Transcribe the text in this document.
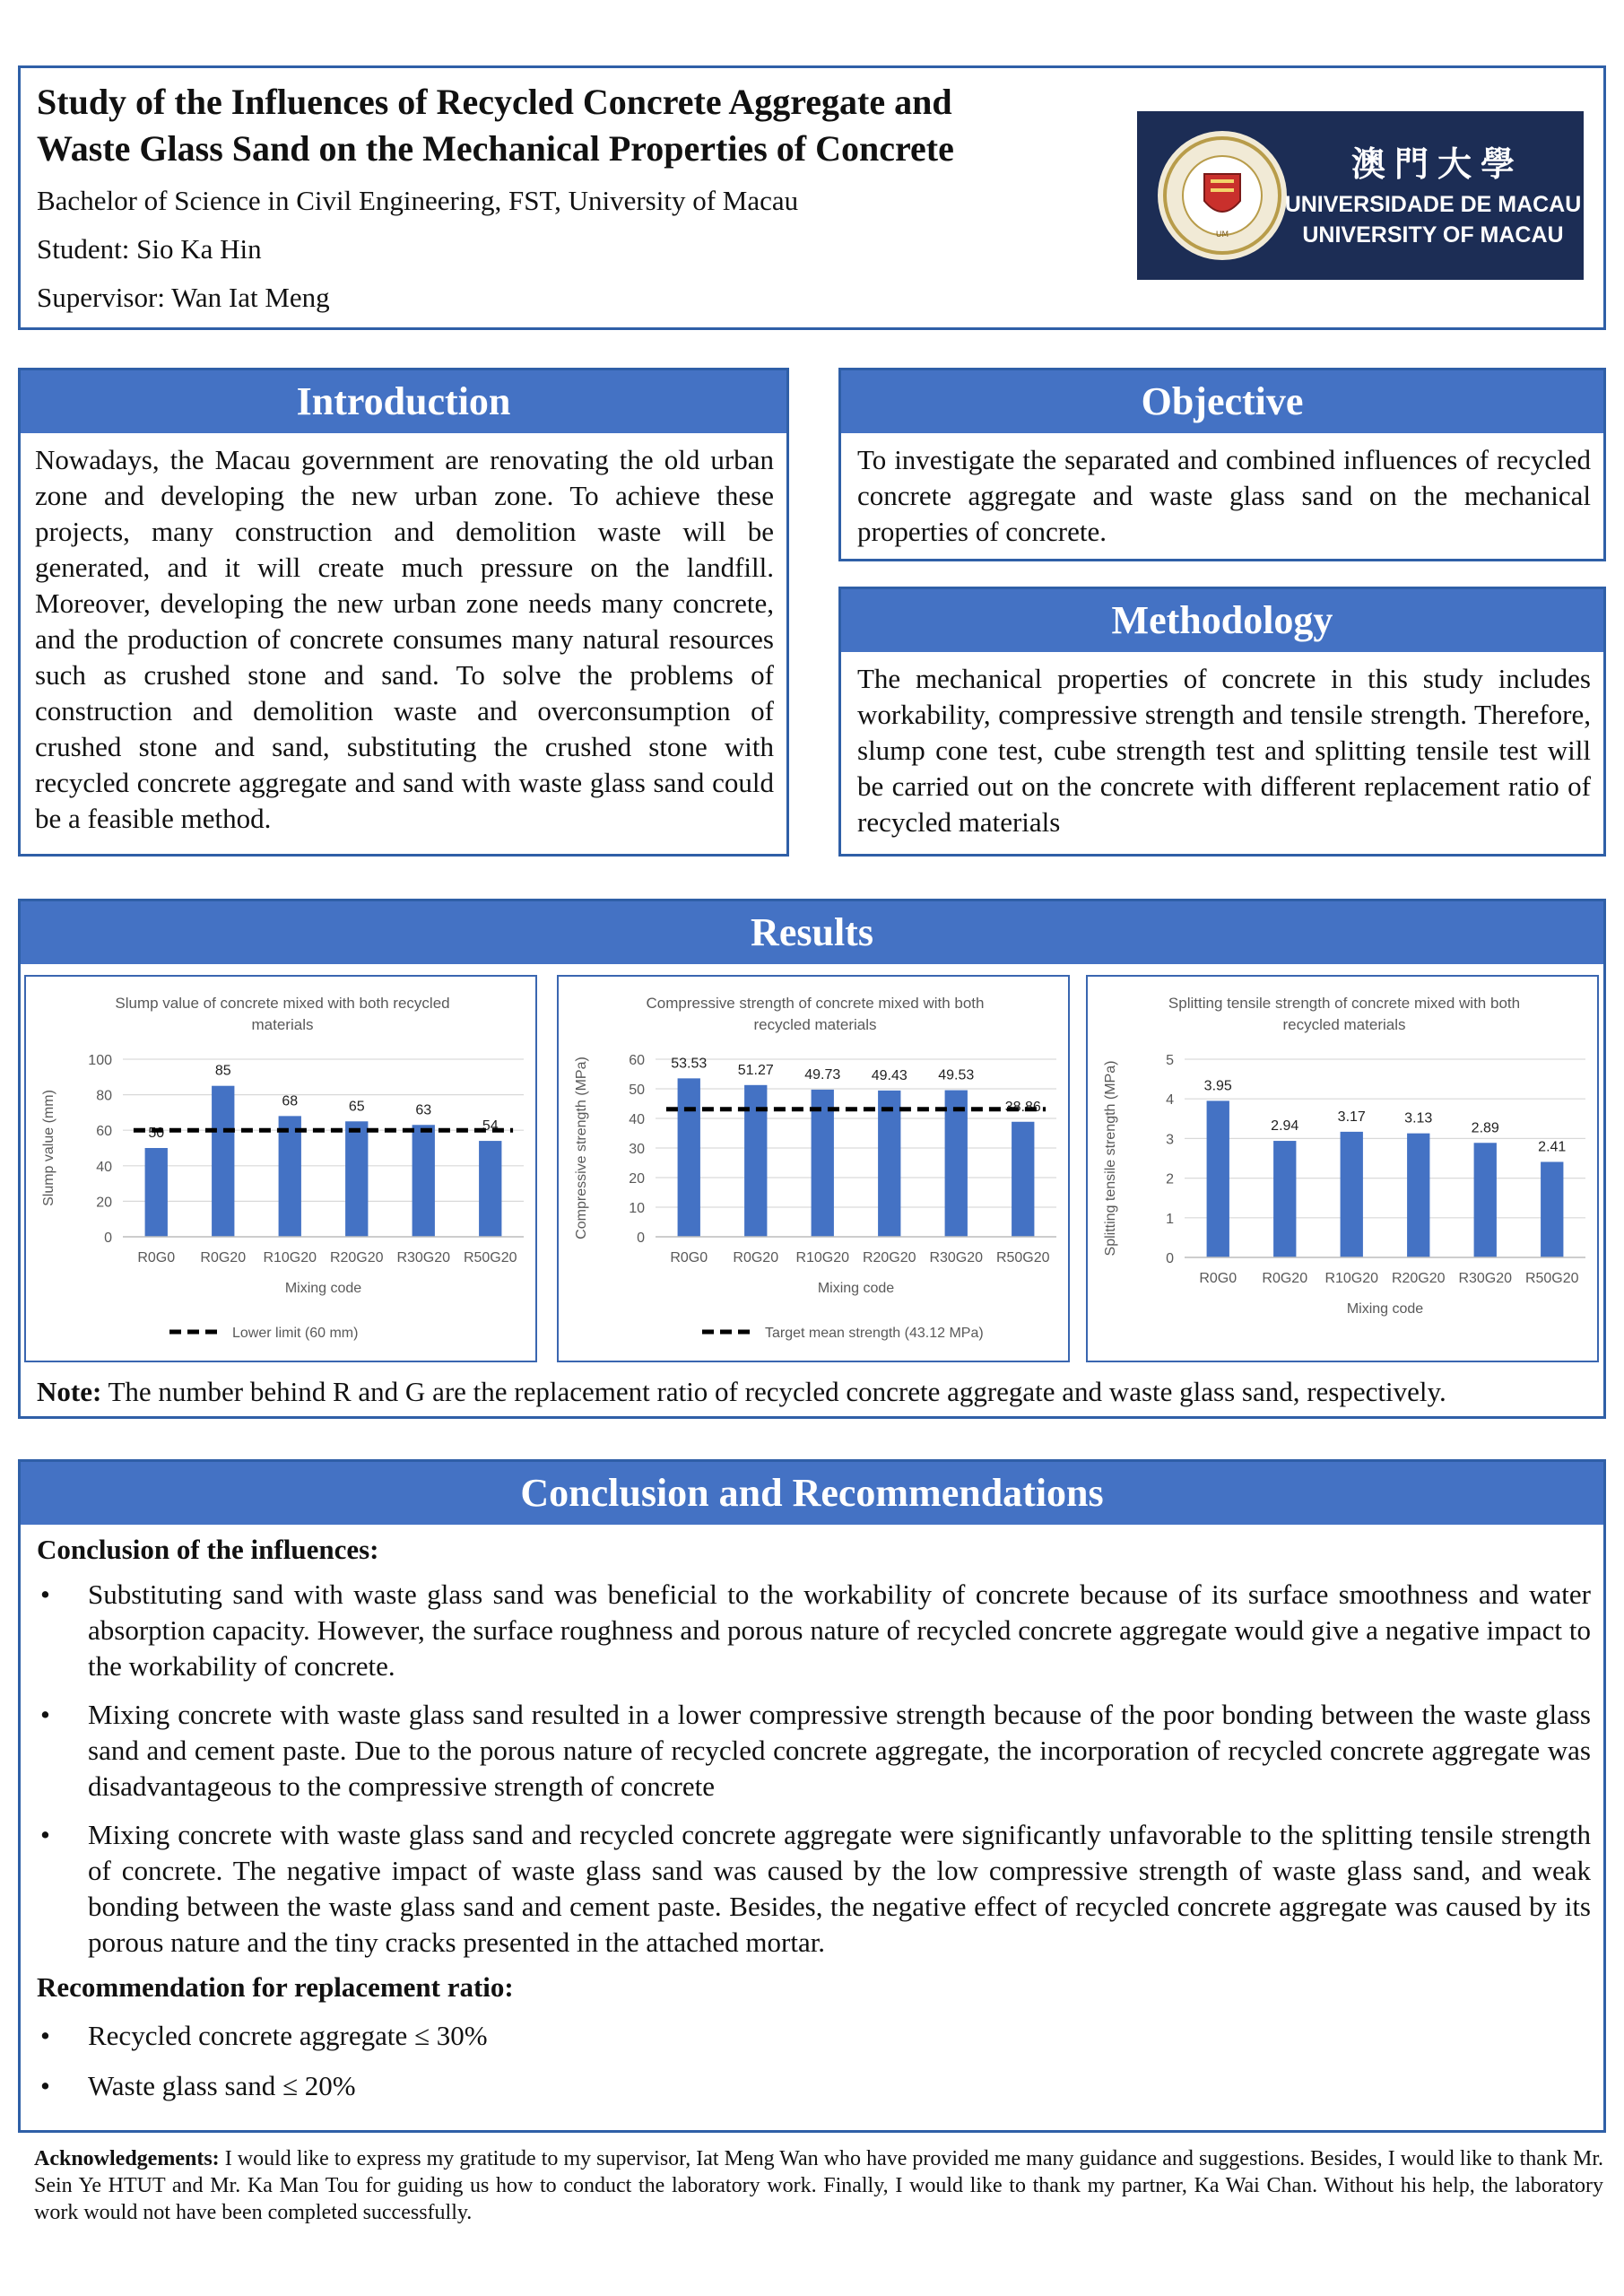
Study of the Influences of Recycled Concrete Aggregate and
Waste Glass Sand on the Mechanical Properties of Concrete
Bachelor of Science in Civil Engineering, FST, University of Macau
Student: Sio Ka Hin
Supervisor: Wan Iat Meng
UM
澳門大學
UNIVERSIDADE DE MACAU
UNIVERSITY OF MACAU
Introduction

Nowadays, the Macau government are renovating the old urban zone and developing the new urban zone. To achieve these projects, many construction and demolition waste will be generated, and it will create much pressure on the landfill. Moreover, developing the new urban zone needs many concrete, and the production of concrete consumes many natural resources such as crushed stone and sand. To solve the problems of construction and demolition waste and overconsumption of crushed stone and sand, substituting the crushed stone with recycled concrete aggregate and sand with waste glass sand could be a feasible method.

Objective

To investigate the separated and combined influences of recycled concrete aggregate and waste glass sand on the mechanical properties of concrete.

Methodology

The mechanical properties of concrete in this study includes workability, compressive strength and tensile strength. Therefore, slump cone test, cube strength test and splitting tensile test will be carried out on the concrete with different replacement ratio of recycled materials

Results
Note: The number behind R and G are the replacement ratio of recycled concrete aggregate and waste glass sand, respectively.
Slump value of concrete mixed with both recycled
materials
0
20
40
60
80
100
Slump value (mm)	50
R0G0
85
R0G20
68
R10G20
65
R20G20
63
R30G20
54
R50G20
Mixing code
Lower limit (60 mm)
Compressive strength of concrete mixed with both
recycled materials
0
10
20
30
40
50
60
Compressive strength (MPa)	53.53
R0G0
51.27
R0G20
49.73
R10G20
49.43
R20G20
49.53
R30G20
38.86
R50G20
Mixing code
Target mean strength (43.12 MPa)
Splitting tensile strength of concrete mixed with both
recycled materials
0
1
2
3
4
5
Splitting tensile strength (MPa)	3.95
R0G0
2.94
R0G20
3.17
R10G20
3.13
R20G20
2.89
R30G20
2.41
R50G20
Mixing code
Conclusion and Recommendations
Conclusion of the influences:
•	Substituting sand with waste glass sand was beneficial to the workability of concrete because of its surface smoothness and water absorption capacity. However, the surface roughness and porous nature of recycled concrete aggregate would give a negative impact to the workability of concrete.
•	Mixing concrete with waste glass sand resulted in a lower compressive strength because of the poor bonding between the waste glass sand and cement paste. Due to the porous nature of recycled concrete aggregate, the incorporation of recycled concrete aggregate was disadvantageous to the compressive strength of concrete
•	Mixing concrete with waste glass sand and recycled concrete aggregate were significantly unfavorable to the splitting tensile strength of concrete. The negative impact of waste glass sand was caused by the low compressive strength of waste glass sand, and weak bonding between the waste glass sand and cement paste. Besides, the negative effect of recycled concrete aggregate was caused by its porous nature and the tiny cracks presented in the attached mortar.
Recommendation for replacement ratio:
•	Recycled concrete aggregate ≤ 30%
•	Waste glass sand ≤ 20%
Acknowledgements: I would like to express my gratitude to my supervisor, Iat Meng Wan who have provided me many guidance and suggestions. Besides, I would like to thank Mr. Sein Ye HTUT and Mr. Ka Man Tou for guiding us how to conduct the laboratory work. Finally, I would like to thank my partner, Ka Wai Chan. Without his help, the laboratory work would not have been completed successfully.
